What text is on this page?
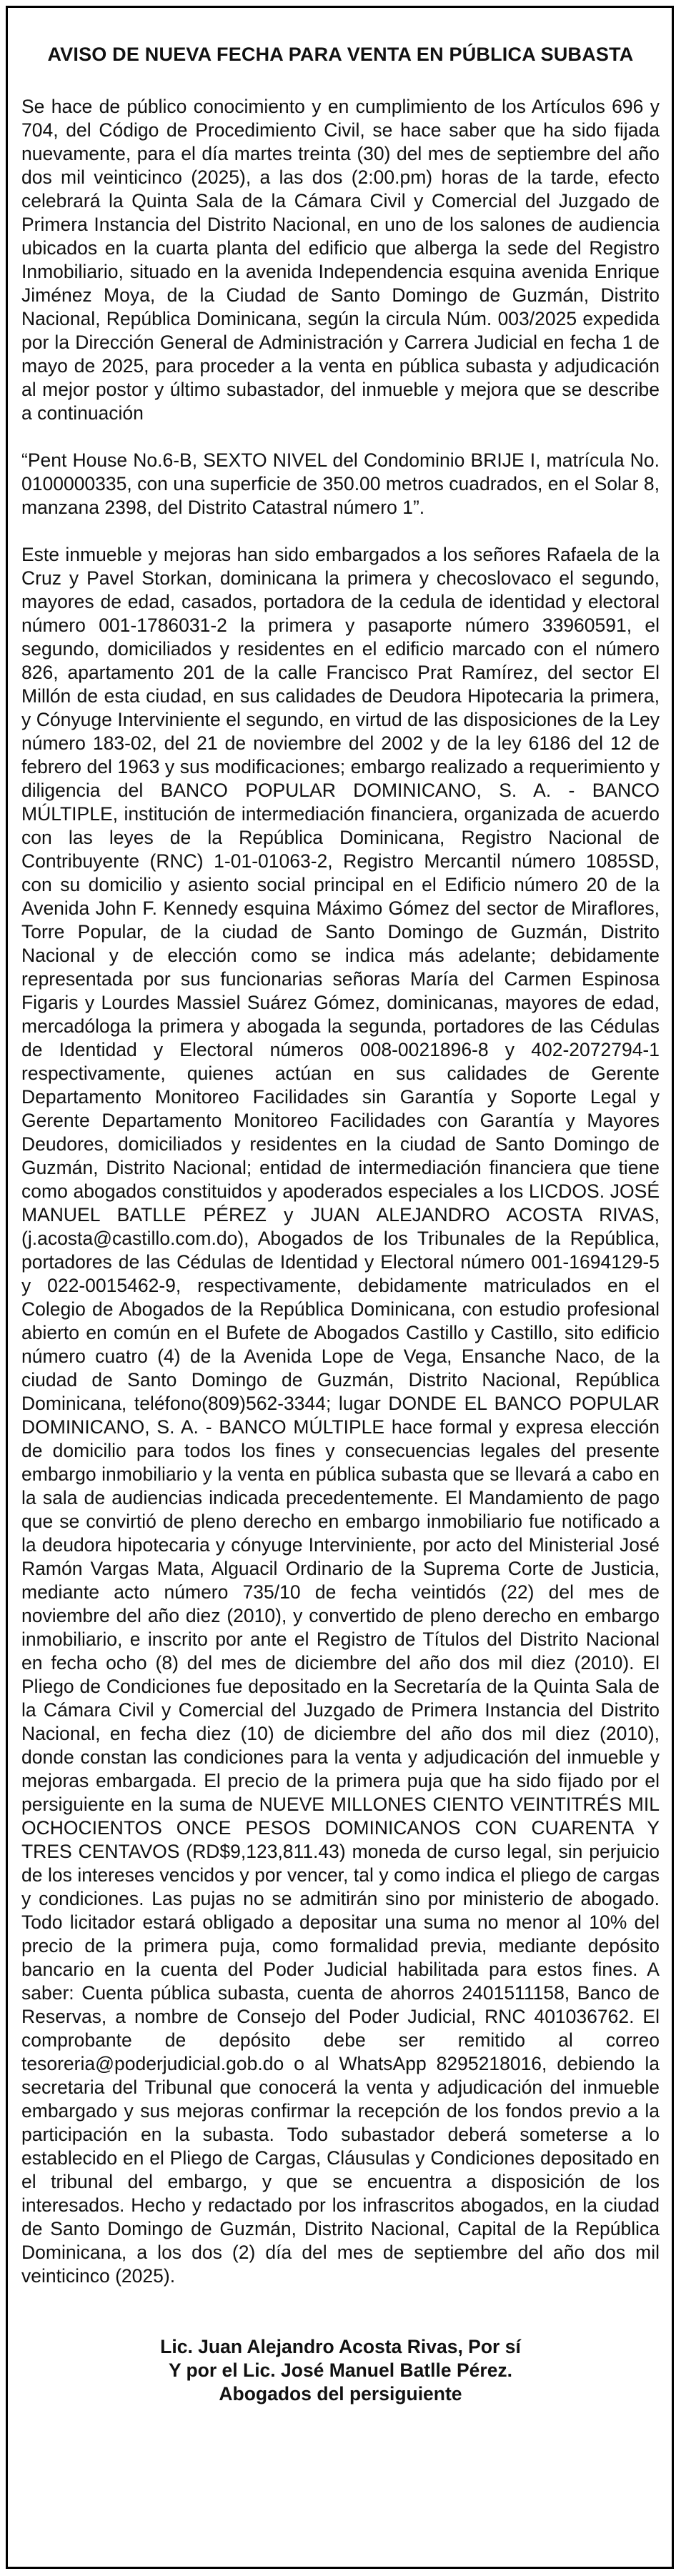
AVISO DE NUEVA FECHA PARA VENTA EN PÚBLICA SUBASTA

Se hace de público conocimiento y en cumplimiento de los Artículos 696 y 704, del Código de Procedimiento Civil, se hace saber que ha sido fijada nuevamente, para el día martes treinta (30) del mes de septiembre del año dos mil veinticinco (2025), a las dos (2:00.pm) horas de la tarde, efecto celebrará la Quinta Sala de la Cámara Civil y Comercial del Juzgado de Primera Instancia del Distrito Nacional, en uno de los salones de audiencia ubicados en la cuarta planta del edificio que alberga la sede del Registro Inmobiliario, situado en la avenida Independencia esquina avenida Enrique Jiménez Moya, de la Ciudad de Santo Domingo de Guzmán, Distrito Nacional, República Dominicana, según la circula Núm. 003/2025 expedida por la Dirección General de Administración y Carrera Judicial en fecha 1 de mayo de 2025, para proceder a la venta en pública subasta y adjudicación al mejor postor y último subastador, del inmueble y mejora que se describe a continuación

“Pent House No.6-B, SEXTO NIVEL del Condominio BRIJE I, matrícula No. 0100000335, con una superficie de 350.00 metros cuadrados, en el Solar 8, manzana 2398, del Distrito Catastral número 1”.

Este inmueble y mejoras han sido embargados a los señores Rafaela de la Cruz y Pavel Storkan, dominicana la primera y checoslovaco el segundo, mayores de edad, casados, portadora de la cedula de identidad y electoral número 001-1786031-2 la primera y pasaporte número 33960591, el segundo, domiciliados y residentes en el edificio marcado con el número 826, apartamento 201 de la calle Francisco Prat Ramírez, del sector El Millón de esta ciudad, en sus calidades de Deudora Hipotecaria la primera, y Cónyuge Interviniente el segundo, en virtud de las disposiciones de la Ley número 183-02, del 21 de noviembre del 2002 y de la ley 6186 del 12 de febrero del 1963 y sus modificaciones; embargo realizado a requerimiento y diligencia del BANCO POPULAR DOMINICANO, S. A. - BANCO MÚLTIPLE, institución de intermediación financiera, organizada de acuerdo con las leyes de la República Dominicana, Registro Nacional de Contribuyente (RNC) 1-01-01063-2, Registro Mercantil número 1085SD, con su domicilio y asiento social principal en el Edificio número 20 de la Avenida John F. Kennedy esquina Máximo Gómez del sector de Miraflores, Torre Popular, de la ciudad de Santo Domingo de Guzmán, Distrito Nacional y de elección como se indica más adelante; debidamente representada por sus funcionarias señoras María del Carmen Espinosa Figaris y Lourdes Massiel Suárez Gómez, dominicanas, mayores de edad, mercadóloga la primera y abogada la segunda, portadores de las Cédulas de Identidad y Electoral números 008-0021896-8 y 402-2072794-1 respectivamente, quienes actúan en sus calidades de Gerente Departamento Monitoreo Facilidades sin Garantía y Soporte Legal y Gerente Departamento Monitoreo Facilidades con Garantía y Mayores Deudores, domiciliados y residentes en la ciudad de Santo Domingo de Guzmán, Distrito Nacional; entidad de intermediación financiera que tiene como abogados constituidos y apoderados especiales a los LICDOS. JOSÉ MANUEL BATLLE PÉREZ y JUAN ALEJANDRO ACOSTA RIVAS, (j.acosta@castillo.com.do), Abogados de los Tribunales de la República, portadores de las Cédulas de Identidad y Electoral número 001-1694129-5 y 022-0015462-9, respectivamente, debidamente matriculados en el Colegio de Abogados de la República Dominicana, con estudio profesional abierto en común en el Bufete de Abogados Castillo y Castillo, sito edificio número cuatro (4) de la Avenida Lope de Vega, Ensanche Naco, de la ciudad de Santo Domingo de Guzmán, Distrito Nacional, República Dominicana, teléfono(809)562-3344; lugar DONDE EL BANCO POPULAR DOMINICANO, S. A. - BANCO MÚLTIPLE hace formal y expresa elección de domicilio para todos los fines y consecuencias legales del presente embargo inmobiliario y la venta en pública subasta que se llevará a cabo en la sala de audiencias indicada precedentemente. El Mandamiento de pago que se convirtió de pleno derecho en embargo inmobiliario fue notificado a la deudora hipotecaria y cónyuge Interviniente, por acto del Ministerial José Ramón Vargas Mata, Alguacil Ordinario de la Suprema Corte de Justicia, mediante acto número 735/10 de fecha veintidós (22) del mes de noviembre del año diez (2010), y convertido de pleno derecho en embargo inmobiliario, e inscrito por ante el Registro de Títulos del Distrito Nacional en fecha ocho (8) del mes de diciembre del año dos mil diez (2010). El Pliego de Condiciones fue depositado en la Secretaría de la Quinta Sala de la Cámara Civil y Comercial del Juzgado de Primera Instancia del Distrito Nacional, en fecha diez (10) de diciembre del año dos mil diez (2010), donde constan las condiciones para la venta y adjudicación del inmueble y mejoras embargada. El precio de la primera puja que ha sido fijado por el persiguiente en la suma de NUEVE MILLONES CIENTO VEINTITRÉS MIL OCHOCIENTOS ONCE PESOS DOMINICANOS CON CUARENTA Y TRES CENTAVOS (RD$9,123,811.43) moneda de curso legal, sin perjuicio de los intereses vencidos y por vencer, tal y como indica el pliego de cargas y condiciones. Las pujas no se admitirán sino por ministerio de abogado. Todo licitador estará obligado a depositar una suma no menor al 10% del precio de la primera puja, como formalidad previa, mediante depósito bancario en la cuenta del Poder Judicial habilitada para estos fines. A saber: Cuenta pública subasta, cuenta de ahorros 2401511158, Banco de Reservas, a nombre de Consejo del Poder Judicial, RNC 401036762. El comprobante de depósito debe ser remitido al correo tesoreria@poderjudicial.gob.do o al WhatsApp 8295218016, debiendo la secretaria del Tribunal que conocerá la venta y adjudicación del inmueble embargado y sus mejoras confirmar la recepción de los fondos previo a la participación en la subasta. Todo subastador deberá someterse a lo establecido en el Pliego de Cargas, Cláusulas y Condiciones depositado en el tribunal del embargo, y que se encuentra a disposición de los interesados. Hecho y redactado por los infrascritos abogados, en la ciudad de Santo Domingo de Guzmán, Distrito Nacional, Capital de la República Dominicana, a los dos (2) día del mes de septiembre del año dos mil veinticinco (2025).

Lic. Juan Alejandro Acosta Rivas, Por sí
Y por el Lic. José Manuel Batlle Pérez.
Abogados del persiguiente
